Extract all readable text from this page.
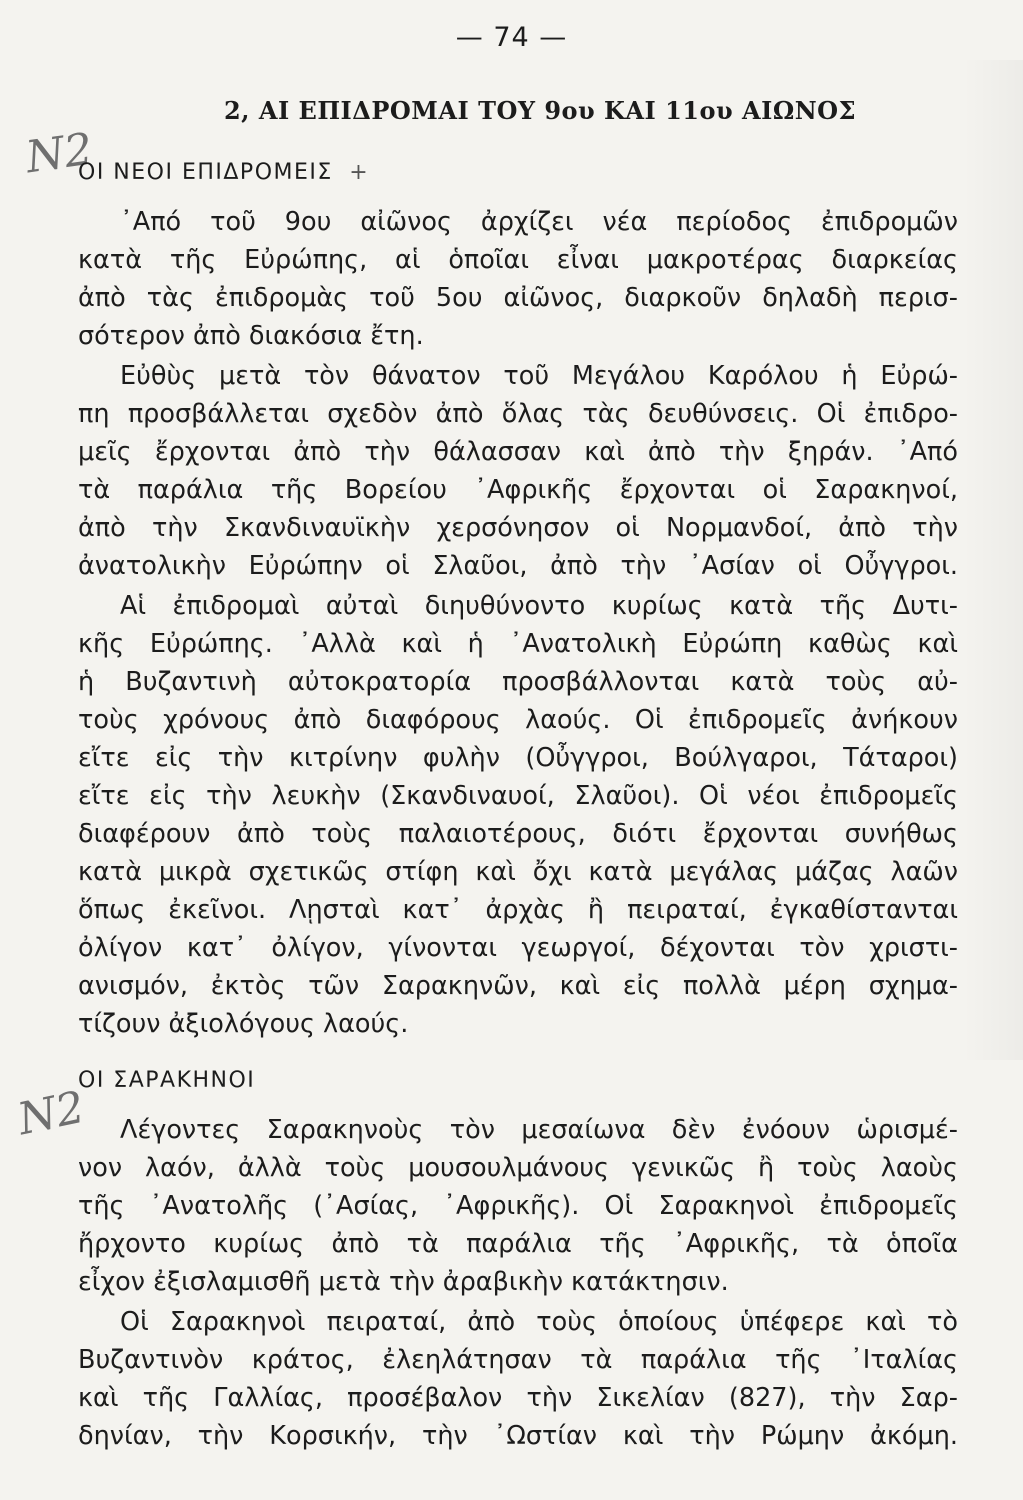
— 74 —
2, ΑΙ ΕΠΙΔΡΟΜΑΙ ΤΟΥ 9ου ΚΑΙ 11ου ΑΙΩΝΟΣ
Ν2
Ν2
ΟΙ ΝΕΟΙ ΕΠΙΔΡΟΜΕΙΣ +
᾿Από τοῦ 9ου αἰῶνος ἀρχίζει νέα περίοδος ἐπιδρομῶν
κατὰ τῆς Εὐρώπης, αἱ ὁποῖαι εἶναι μακροτέρας διαρκείας
ἀπὸ τὰς ἐπιδρομὰς τοῦ 5ου αἰῶνος, διαρκοῦν δηλαδὴ περισ-
σότερον ἀπὸ διακόσια ἔτη.
Εὐθὺς μετὰ τὸν θάνατον τοῦ Μεγάλου Καρόλου ἡ Εὐρώ-
πη προσβάλλεται σχεδὸν ἀπὸ ὅλας τὰς δευθύνσεις. Οἱ ἐπιδρο-
μεῖς ἔρχονται ἀπὸ τὴν θάλασσαν καὶ ἀπὸ τὴν ξηράν. ᾿Από
τὰ παράλια τῆς Βορείου ᾿Αφρικῆς ἔρχονται οἱ Σαρακηνοί,
ἀπὸ τὴν Σκανδιναυϊκὴν χερσόνησον οἱ Νορμανδοί, ἀπὸ τὴν
ἀνατολικὴν Εὐρώπην οἱ Σλαῦοι, ἀπὸ τὴν ᾿Ασίαν οἱ Οὖγγροι.
Αἱ ἐπιδρομαὶ αὐταὶ διηυθύνοντο κυρίως κατὰ τῆς Δυτι-
κῆς Εὐρώπης. ᾿Αλλὰ καὶ ἡ ᾿Ανατολικὴ Εὐρώπη καθὼς καὶ
ἡ Βυζαντινὴ αὐτοκρατορία προσβάλλονται κατὰ τοὺς αὐ-
τοὺς χρόνους ἀπὸ διαφόρους λαούς. Οἱ ἐπιδρομεῖς ἀνήκουν
εἴτε εἰς τὴν κιτρίνην φυλὴν (Οὖγγροι, Βούλγαροι, Τάταροι)
εἴτε εἰς τὴν λευκὴν (Σκανδιναυοί, Σλαῦοι). Οἱ νέοι ἐπιδρομεῖς
διαφέρουν ἀπὸ τοὺς παλαιοτέρους, διότι ἔρχονται συνήθως
κατὰ μικρὰ σχετικῶς στίφη καὶ ὄχι κατὰ μεγάλας μάζας λαῶν
ὅπως ἐκεῖνοι. Λῃσταὶ κατ᾿ ἀρχὰς ἢ πειραταί, ἐγκαθίστανται
ὀλίγον κατ᾿ ὀλίγον, γίνονται γεωργοί, δέχονται τὸν χριστι-
ανισμόν, ἐκτὸς τῶν Σαρακηνῶν, καὶ εἰς πολλὰ μέρη σχημα-
τίζουν ἀξιολόγους λαούς.
ΟΙ ΣΑΡΑΚΗΝΟΙ
Λέγοντες Σαρακηνοὺς τὸν μεσαίωνα δὲν ἐνόουν ὡρισμέ-
νον λαόν, ἀλλὰ τοὺς μουσουλμάνους γενικῶς ἢ τοὺς λαοὺς
τῆς ᾿Ανατολῆς (᾿Ασίας, ᾿Αφρικῆς). Οἱ Σαρακηνοὶ ἐπιδρομεῖς
ἤρχοντο κυρίως ἀπὸ τὰ παράλια τῆς ᾿Αφρικῆς, τὰ ὁποῖα
εἶχον ἐξισλαμισθῆ μετὰ τὴν ἀραβικὴν κατάκτησιν.
Οἱ Σαρακηνοὶ πειραταί, ἀπὸ τοὺς ὁποίους ὑπέφερε καὶ τὸ
Βυζαντινὸν κράτος, ἐλεηλάτησαν τὰ παράλια τῆς ᾿Ιταλίας
καὶ τῆς Γαλλίας, προσέβαλον τὴν Σικελίαν (827), τὴν Σαρ-
δηνίαν, τὴν Κορσικήν, τὴν ᾿Ωστίαν καὶ τὴν Ρώμην ἀκόμη.
